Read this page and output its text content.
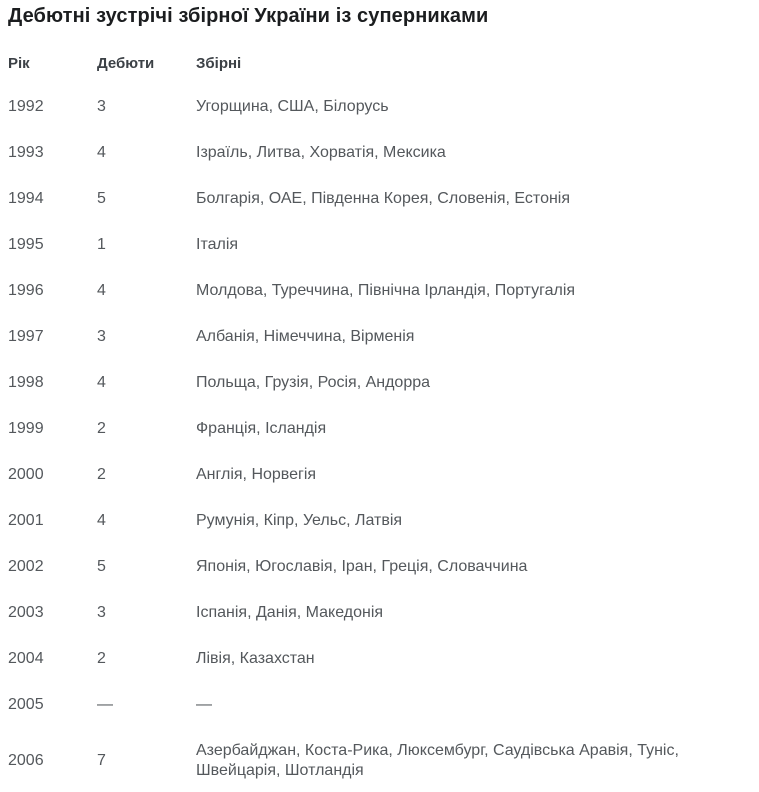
Дебютні зустрічі збірної України із суперниками
Рік	Дебюти	Збірні
1992	3	Угорщина, США, Білорусь
1993	4	Ізраїль, Литва, Хорватія, Мексика
1994	5	Болгарія, ОАЕ, Південна Корея, Словенія, Естонія
1995	1	Італія
1996	4	Молдова, Туреччина, Північна Ірландія, Португалія
1997	3	Албанія, Німеччина, Вірменія
1998	4	Польща, Грузія, Росія, Андорра
1999	2	Франція, Ісландія
2000	2	Англія, Норвегія
2001	4	Румунія, Кіпр, Уельс, Латвія
2002	5	Японія, Югославія, Іран, Греція, Словаччина
2003	3	Іспанія, Данія, Македонія
2004	2	Лівія, Казахстан
2005	—	—
2006	7	Азербайджан, Коста-Рика, Люксембург, Саудівська Аравія, Туніс, Швейцарія, Шотландія
